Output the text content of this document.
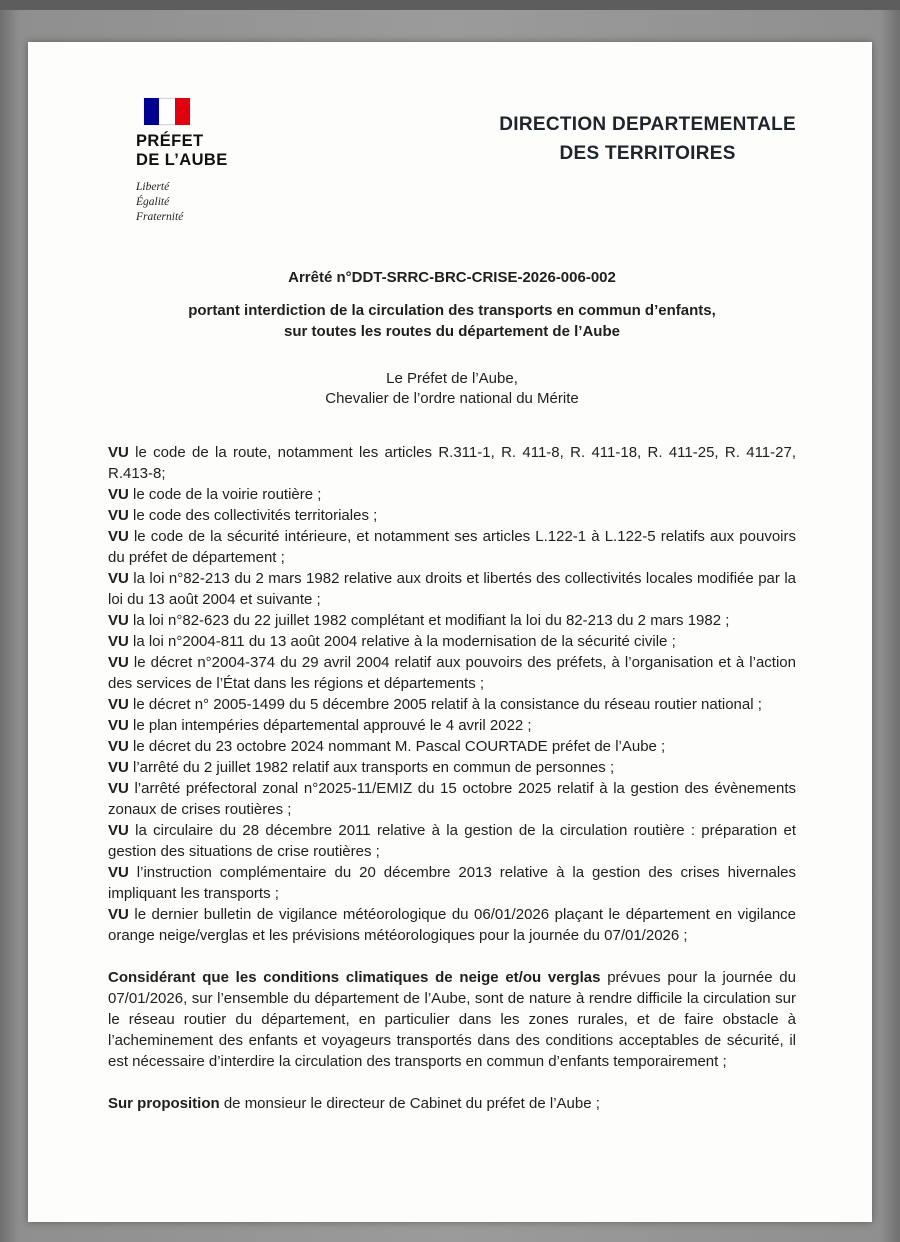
PRÉFET
DE L’AUBE
Liberté
Égalité
Fraternité
DIRECTION DEPARTEMENTALE
DES TERRITOIRES
Arrêté n°DDT-SRRC-BRC-CRISE-2026-006-002
portant interdiction de la circulation des transports en commun d’enfants,
sur toutes les routes du département de l’Aube
Le Préfet de l’Aube,
Chevalier de l’ordre national du Mérite

VU le code de la route, notamment les articles R.311-1, R. 411-8, R. 411-18, R. 411-25, R. 411-27, R.413-8;

VU le code de la voirie routière ;

VU le code des collectivités territoriales ;

VU le code de la sécurité intérieure, et notamment ses articles L.122-1 à L.122-5 relatifs aux pouvoirs du préfet de département ;

VU la loi n°82-213 du 2 mars 1982 relative aux droits et libertés des collectivités locales modifiée par la loi du 13 août 2004 et suivante ;

VU la loi n°82-623 du 22 juillet 1982 complétant et modifiant la loi du 82-213 du 2 mars 1982 ;

VU la loi n°2004-811 du 13 août 2004 relative à la modernisation de la sécurité civile ;

VU le décret n°2004-374 du 29 avril 2004 relatif aux pouvoirs des préfets, à l’organisation et à l’action des services de l’État dans les régions et départements ;

VU le décret n° 2005-1499 du 5 décembre 2005 relatif à la consistance du réseau routier national ;

VU le plan intempéries départemental approuvé le 4 avril 2022 ;

VU le décret du 23 octobre 2024 nommant M. Pascal COURTADE préfet de l’Aube ;

VU l’arrêté du 2 juillet 1982 relatif aux transports en commun de personnes ;

VU l’arrêté préfectoral zonal n°2025-11/EMIZ du 15 octobre 2025 relatif à la gestion des évènements zonaux de crises routières ;

VU la circulaire du 28 décembre 2011 relative à la gestion de la circulation routière : préparation et gestion des situations de crise routières ;

VU l’instruction complémentaire du 20 décembre 2013 relative à la gestion des crises hivernales impliquant les transports ;

VU le dernier bulletin de vigilance météorologique du 06/01/2026 plaçant le département en vigilance orange neige/verglas et les prévisions météorologiques pour la journée du 07/01/2026 ;

Considérant que les conditions climatiques de neige et/ou verglas prévues pour la journée du 07/01/2026, sur l’ensemble du département de l’Aube, sont de nature à rendre difficile la circulation sur le réseau routier du département, en particulier dans les zones rurales, et de faire obstacle à l’acheminement des enfants et voyageurs transportés dans des conditions acceptables de sécurité, il est nécessaire d’interdire la circulation des transports en commun d’enfants temporairement ;

Sur proposition de monsieur le directeur de Cabinet du préfet de l’Aube ;
